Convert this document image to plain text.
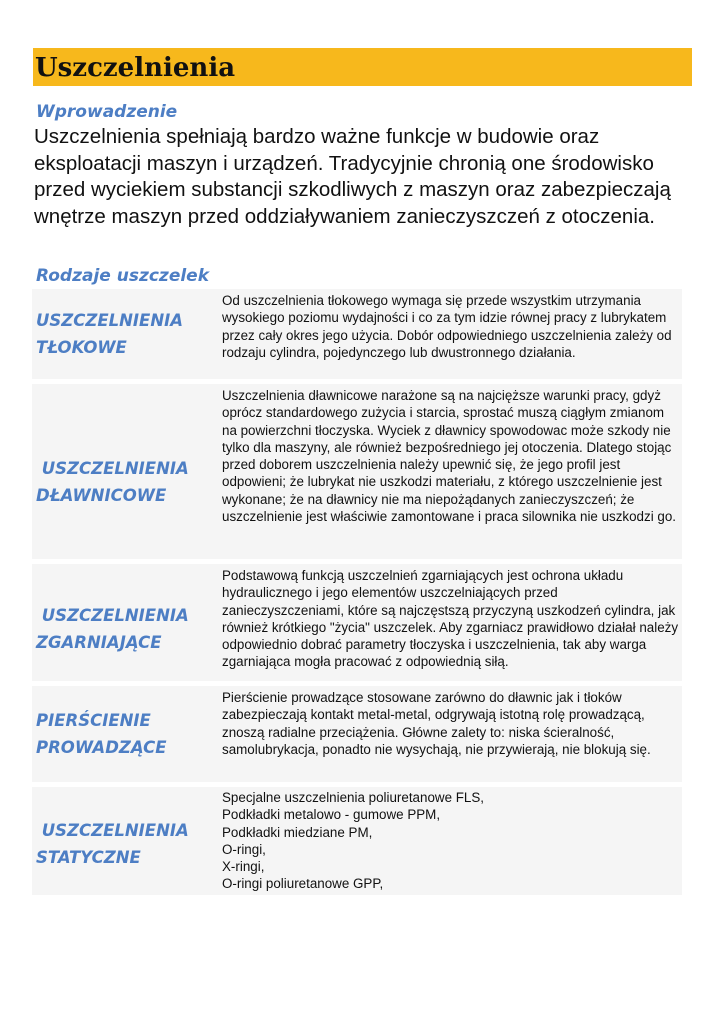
Uszczelnienia
Wprowadzenie

Uszczelnienia spełniają bardzo ważne funkcje w budowie oraz eksploatacji maszyn i urządzeń. Tradycyjnie chronią one środowisko przed wyciekiem substancji szkodliwych z maszyn oraz zabezpieczają wnętrze maszyn przed oddziaływaniem zanieczyszczeń z otoczenia.

Rodzaje uszczelek
USZCZELNIENIA
TŁOKOWE
Od uszczelnienia tłokowego wymaga się przede wszystkim utrzymania wysokiego poziomu wydajności i co za tym idzie równej pracy z lubrykatem przez cały okres jego użycia. Dobór odpowiedniego uszczelnienia zależy od rodzaju cylindra, pojedynczego lub dwustronnego działania.
USZCZELNIENIA
DŁAWNICOWE
Uszczelnienia dławnicowe narażone są na najcięższe warunki pracy, gdyż oprócz standardowego zużycia i starcia, sprostać muszą ciągłym zmianom na powierzchni tłoczyska. Wyciek z dławnicy spowodowac może szkody nie tylko dla maszyny, ale również bezpośredniego jej otoczenia. Dlatego stojąc przed doborem uszczelnienia należy upewnić się, że jego profil jest odpowieni; że lubrykat nie uszkodzi materiału, z którego uszczelnienie jest wykonane; że na dławnicy nie ma niepożądanych zanieczyszczeń; że uszczelnienie jest właściwie zamontowane i praca silownika nie uszkodzi go.
USZCZELNIENIA
ZGARNIAJĄCE
Podstawową funkcją uszczelnień zgarniających jest ochrona układu hydraulicznego i jego elementów uszczelniających przed zanieczyszczeniami, które są najczęstszą przyczyną uszkodzeń cylindra, jak również krótkiego "życia" uszczelek. Aby zgarniacz prawidłowo działał należy odpowiednio dobrać parametry tłoczyska i uszczelnienia, tak aby warga zgarniająca mogła pracować z odpowiednią siłą.
PIERŚCIENIE
PROWADZĄCE
Pierścienie prowadzące stosowane zarówno do dławnic jak i tłoków zabezpieczają kontakt metal-metal, odgrywają istotną rolę prowadzącą, znoszą radialne przeciążenia. Główne zalety to: niska ścieralność, samolubrykacja, ponadto nie wysychają, nie przywierają, nie blokują się.
USZCZELNIENIA
STATYCZNE
Specjalne uszczelnienia poliuretanowe FLS,
Podkładki metalowo - gumowe PPM,
Podkładki miedziane PM,
O-ringi,
X-ringi,
O-ringi poliuretanowe GPP,
